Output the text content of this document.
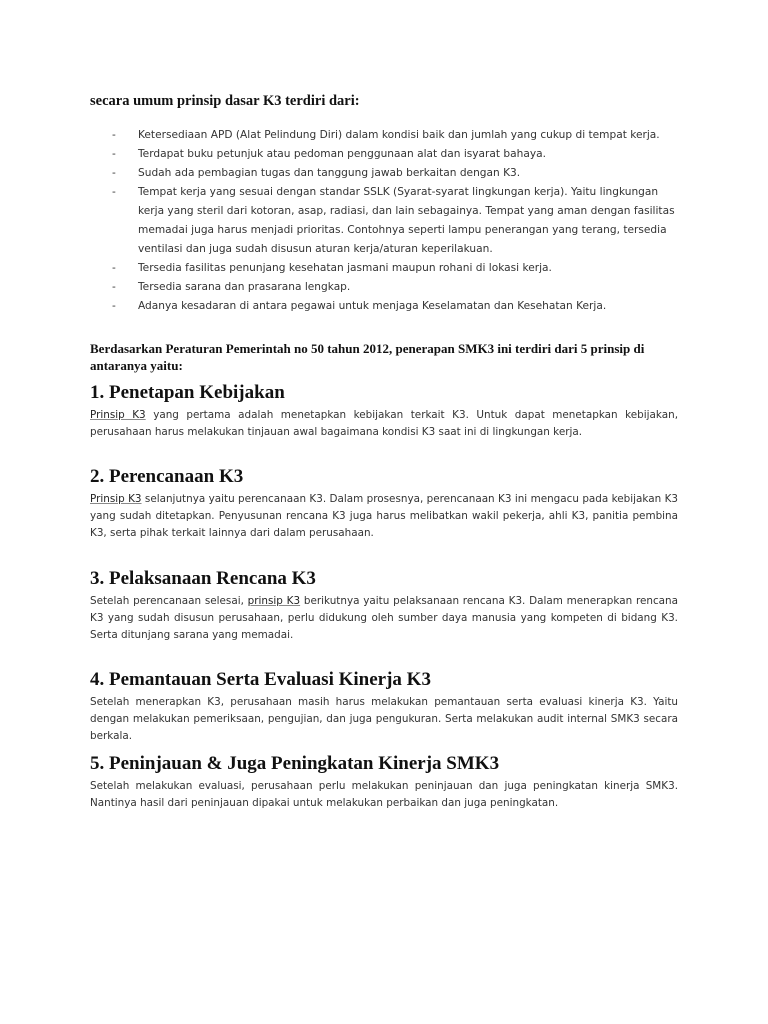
secara umum prinsip dasar K3 terdiri dari:

- Ketersediaan APD (Alat Pelindung Diri) dalam kondisi baik dan jumlah yang cukup di tempat kerja.
- Terdapat buku petunjuk atau pedoman penggunaan alat dan isyarat bahaya.
- Sudah ada pembagian tugas dan tanggung jawab berkaitan dengan K3.
- Tempat kerja yang sesuai dengan standar SSLK (Syarat-syarat lingkungan kerja). Yaitu lingkungan kerja yang steril dari kotoran, asap, radiasi, dan lain sebagainya. Tempat yang aman dengan fasilitas memadai juga harus menjadi prioritas. Contohnya seperti lampu penerangan yang terang, tersedia ventilasi dan juga sudah disusun aturan kerja/aturan keperilakuan.
- Tersedia fasilitas penunjang kesehatan jasmani maupun rohani di lokasi kerja.
- Tersedia sarana dan prasarana lengkap.
- Adanya kesadaran di antara pegawai untuk menjaga Keselamatan dan Kesehatan Kerja.

Berdasarkan Peraturan Pemerintah no 50 tahun 2012, penerapan SMK3 ini terdiri dari 5 prinsip di antaranya yaitu:

1. Penetapan Kebijakan

Prinsip K3 yang pertama adalah menetapkan kebijakan terkait K3. Untuk dapat menetapkan kebijakan, perusahaan harus melakukan tinjauan awal bagaimana kondisi K3 saat ini di lingkungan kerja.

2. Perencanaan K3

Prinsip K3 selanjutnya yaitu perencanaan K3. Dalam prosesnya, perencanaan K3 ini mengacu pada kebijakan K3 yang sudah ditetapkan. Penyusunan rencana K3 juga harus melibatkan wakil pekerja, ahli K3, panitia pembina K3, serta pihak terkait lainnya dari dalam perusahaan.

3. Pelaksanaan Rencana K3

Setelah perencanaan selesai, prinsip K3 berikutnya yaitu pelaksanaan rencana K3. Dalam menerapkan rencana K3 yang sudah disusun perusahaan, perlu didukung oleh sumber daya manusia yang kompeten di bidang K3. Serta ditunjang sarana yang memadai.

4. Pemantauan Serta Evaluasi Kinerja K3

Setelah menerapkan K3, perusahaan masih harus melakukan pemantauan serta evaluasi kinerja K3. Yaitu dengan melakukan pemeriksaan, pengujian, dan juga pengukuran. Serta melakukan audit internal SMK3 secara berkala.

5. Peninjauan & Juga Peningkatan Kinerja SMK3

Setelah melakukan evaluasi, perusahaan perlu melakukan peninjauan dan juga peningkatan kinerja SMK3. Nantinya hasil dari peninjauan dipakai untuk melakukan perbaikan dan juga peningkatan.
